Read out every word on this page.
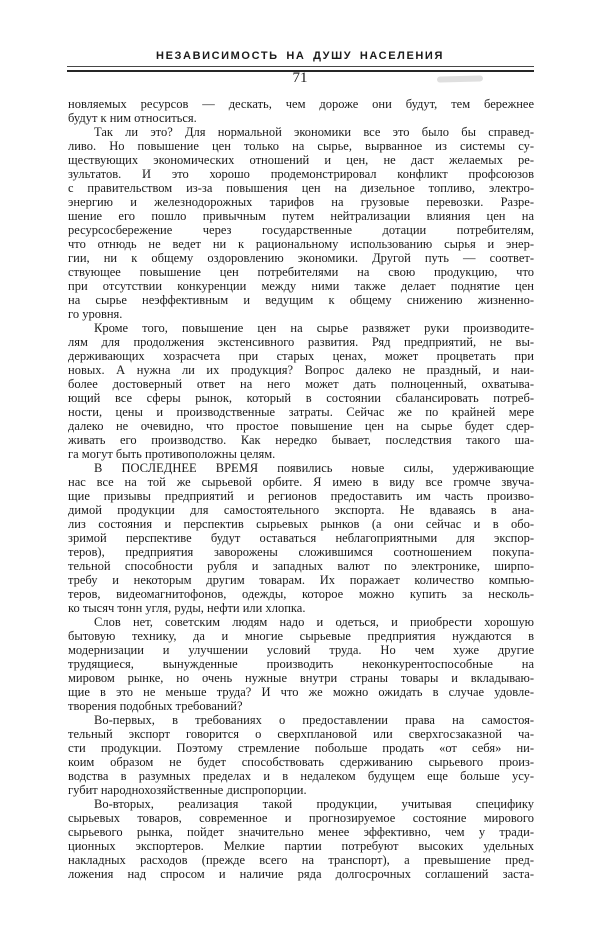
НЕЗАВИСИМОСТЬ НА ДУШУ НАСЕЛЕНИЯ
71
новляемых ресурсов — дескать, чем дороже они будут, тем бережнее
будут к ним относиться.
Так ли это? Для нормальной экономики все это было бы справед-
ливо. Но повышение цен только на сырье, вырванное из системы су-
ществующих экономических отношений и цен, не даст желаемых ре-
зультатов. И это хорошо продемонстрировал конфликт профсоюзов
с правительством из-за повышения цен на дизельное топливо, электро-
энергию и железнодорожных тарифов на грузовые перевозки. Разре-
шение его пошло привычным путем нейтрализации влияния цен на
ресурсосбережение через государственные дотации потребителям,
что отнюдь не ведет ни к рациональному использованию сырья и энер-
гии, ни к общему оздоровлению экономики. Другой путь — соответ-
ствующее повышение цен потребителями на свою продукцию, что
при отсутствии конкуренции между ними также делает поднятие цен
на сырье неэффективным и ведущим к общему снижению жизненно-
го уровня.
Кроме того, повышение цен на сырье развяжет руки производите-
лям для продолжения экстенсивного развития. Ряд предприятий, не вы-
держивающих хозрасчета при старых ценах, может процветать при
новых. А нужна ли их продукция? Вопрос далеко не праздный, и наи-
более достоверный ответ на него может дать полноценный, охватыва-
ющий все сферы рынок, который в состоянии сбалансировать потреб-
ности, цены и производственные затраты. Сейчас же по крайней мере
далеко не очевидно, что простое повышение цен на сырье будет сдер-
живать его производство. Как нередко бывает, последствия такого ша-
га могут быть противоположны целям.
В ПОСЛЕДНЕЕ ВРЕМЯ появились новые силы, удерживающие
нас все на той же сырьевой орбите. Я имею в виду все громче звуча-
щие призывы предприятий и регионов предоставить им часть произво-
димой продукции для самостоятельного экспорта. Не вдаваясь в ана-
лиз состояния и перспектив сырьевых рынков (а они сейчас и в обо-
зримой перспективе будут оставаться неблагоприятными для экспор-
теров), предприятия заворожены сложившимся соотношением покупа-
тельной способности рубля и западных валют по электронике, ширпо-
требу и некоторым другим товарам. Их поражает количество компью-
теров, видеомагнитофонов, одежды, которое можно купить за несколь-
ко тысяч тонн угля, руды, нефти или хлопка.
Слов нет, советским людям надо и одеться, и приобрести хорошую
бытовую технику, да и многие сырьевые предприятия нуждаются в
модернизации и улучшении условий труда. Но чем хуже другие
трудящиеся, вынужденные производить неконкурентоспособные на
мировом рынке, но очень нужные внутри страны товары и вкладываю-
щие в это не меньше труда? И что же можно ожидать в случае удовле-
творения подобных требований?
Во-первых, в требованиях о предоставлении права на самостоя-
тельный экспорт говорится о сверхплановой или сверхгосзаказной ча-
сти продукции. Поэтому стремление побольше продать «от себя» ни-
коим образом не будет способствовать сдерживанию сырьевого произ-
водства в разумных пределах и в недалеком будущем еще больше усу-
губит народнохозяйственные диспропорции.
Во-вторых, реализация такой продукции, учитывая специфику
сырьевых товаров, современное и прогнозируемое состояние мирового
сырьевого рынка, пойдет значительно менее эффективно, чем у тради-
ционных экспортеров. Мелкие партии потребуют высоких удельных
накладных расходов (прежде всего на транспорт), а превышение пред-
ложения над спросом и наличие ряда долгосрочных соглашений заста-
